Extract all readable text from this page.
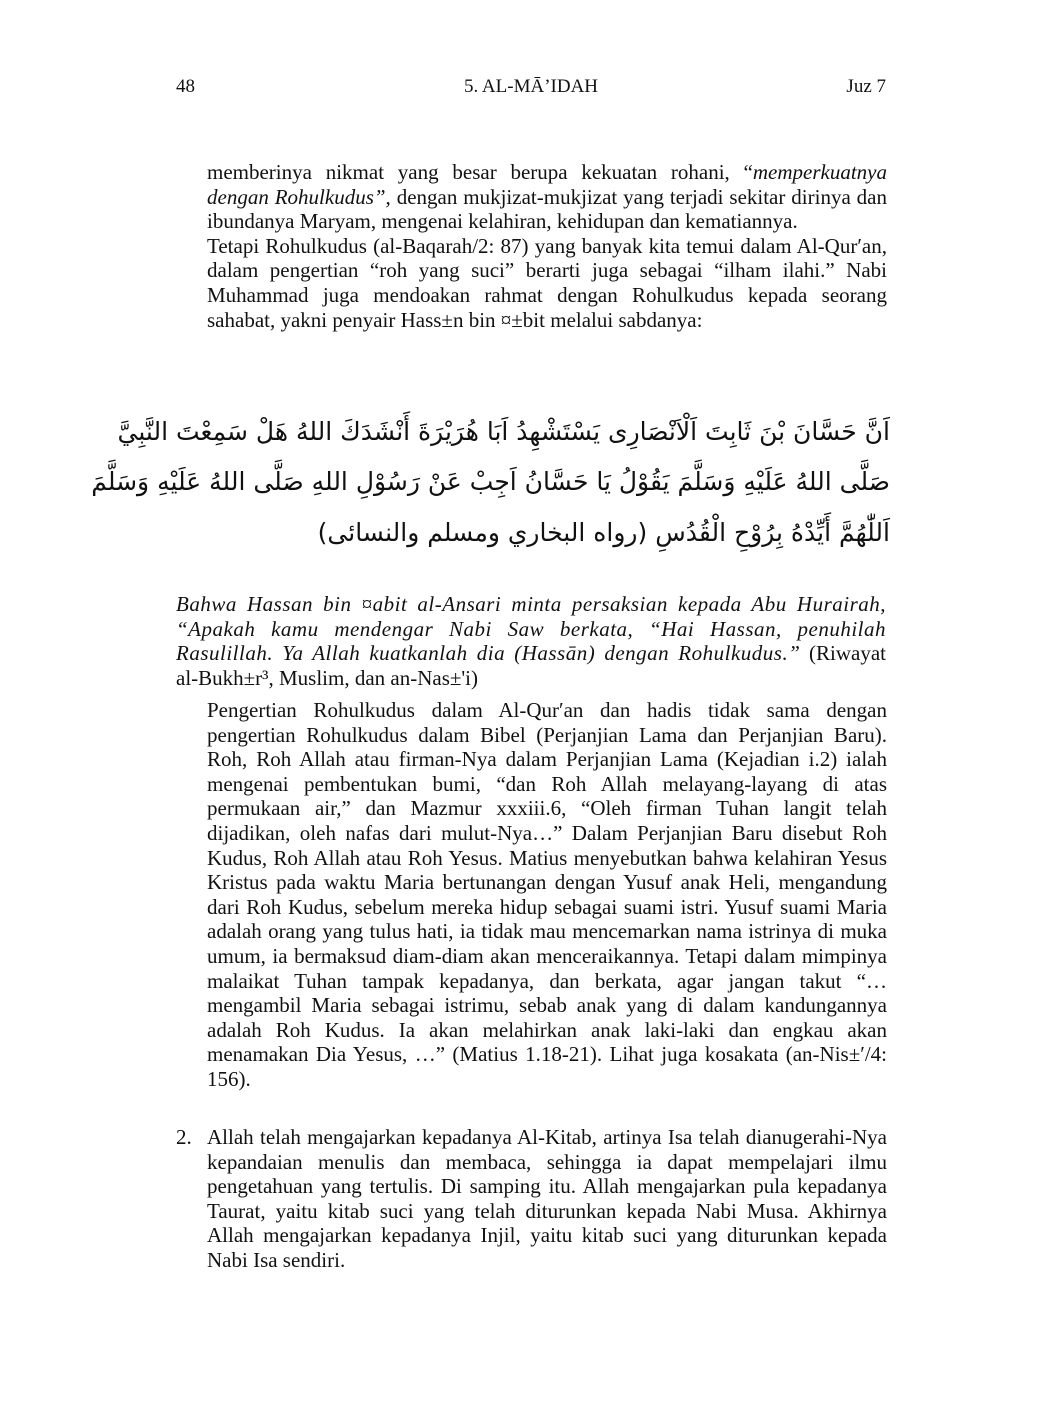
48	5. AL-MĀ’IDAH	Juz 7

memberinya nikmat yang besar berupa kekuatan rohani, “memperkuatnya dengan Rohulkudus”, dengan mukjizat-mukjizat yang terjadi sekitar dirinya dan ibundanya Maryam, mengenai kelahiran, kehidupan dan kematiannya.

Tetapi Rohulkudus (al-Baqarah/2: 87) yang banyak kita temui dalam Al-Qur′an, dalam pengertian “roh yang suci” berarti juga sebagai “ilham ilahi.” Nabi Muhammad juga mendoakan rahmat dengan Rohulkudus kepada seorang sahabat, yakni penyair Hass±n bin ¤±bit melalui sabdanya:

اَنَّ حَسَّانَ بْنَ ثَابِتَ ‌اَلْاَنْصَارِى يَسْتَشْهِدُ اَبَا هُرَيْرَةَ أَنْشَدَكَ اللهُ هَلْ سَمِعْتَ النَّبِيَّ
صَلَّى اللهُ عَلَيْهِ وَسَلَّمَ يَقُوْلُ يَا حَسَّانُ اَجِبْ عَنْ رَسُوْلِ اللهِ صَلَّى اللهُ عَلَيْهِ وَسَلَّمَ
اَللّٰهُمَّ أَيِّدْهُ بِرُوْحِ الْقُدُسِ (رواه البخاري ومسلم والنسائى)

Bahwa Hassan bin ¤abit al-Ansari minta persaksian kepada Abu Hurairah, “Apakah kamu mendengar Nabi Saw berkata, “Hai Hassan, penuhilah Rasulillah. Ya Allah kuatkanlah dia (Hassān) dengan Rohulkudus.” (Riwayat al-Bukh±r³, Muslim, dan an-Nas±'i)

Pengertian Rohulkudus dalam Al-Qur′an dan hadis tidak sama dengan pengertian Rohulkudus dalam Bibel (Perjanjian Lama dan Perjanjian Baru). Roh, Roh Allah atau firman-Nya dalam Perjanjian Lama (Kejadian i.2) ialah mengenai pembentukan bumi, “dan Roh Allah melayang-layang di atas permukaan air,” dan Mazmur xxxiii.6, “Oleh firman Tuhan langit telah dijadikan, oleh nafas dari mulut-Nya…” Dalam Perjanjian Baru disebut Roh Kudus, Roh Allah atau Roh Yesus. Matius menyebutkan bahwa kelahiran Yesus Kristus pada waktu Maria bertunangan dengan Yusuf anak Heli, mengandung dari Roh Kudus, sebelum mereka hidup sebagai suami istri. Yusuf suami Maria adalah orang yang tulus hati, ia tidak mau mencemarkan nama istrinya di muka umum, ia bermaksud diam-diam akan menceraikannya. Tetapi dalam mimpinya malaikat Tuhan tampak kepadanya, dan berkata, agar jangan takut “… mengambil Maria sebagai istrimu, sebab anak yang di dalam kandungannya adalah Roh Kudus. Ia akan melahirkan anak laki-laki dan engkau akan menamakan Dia Yesus, …” (Matius 1.18-21). Lihat juga kosakata (an-Nis±′/4: 156).

2. Allah telah mengajarkan kepadanya Al-Kitab, artinya Isa telah dianugerahi-Nya kepandaian menulis dan membaca, sehingga ia dapat mempelajari ilmu pengetahuan yang tertulis. Di samping itu. Allah mengajarkan pula kepadanya Taurat, yaitu kitab suci yang telah diturunkan kepada Nabi Musa. Akhirnya Allah mengajarkan kepadanya Injil, yaitu kitab suci yang diturunkan kepada Nabi Isa sendiri.
